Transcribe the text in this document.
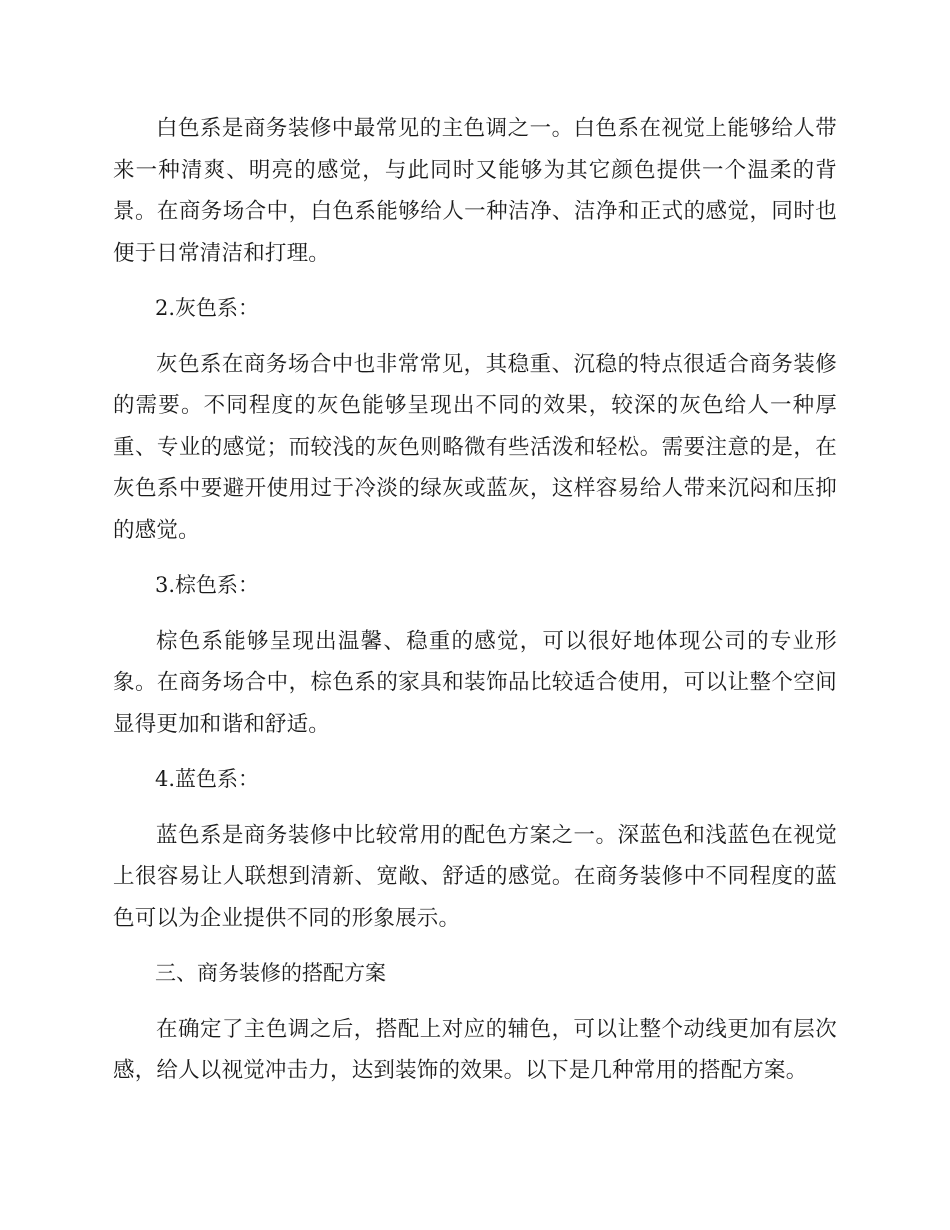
白色系是商务装修中最常见的主色调之一。白色系在视觉上能够给人带来一种清爽、明亮的感觉，与此同时又能够为其它颜色提供一个温柔的背景。在商务场合中，白色系能够给人一种洁净、洁净和正式的感觉，同时也便于日常清洁和打理。

2.灰色系：

灰色系在商务场合中也非常常见，其稳重、沉稳的特点很适合商务装修的需要。不同程度的灰色能够呈现出不同的效果，较深的灰色给人一种厚重、专业的感觉；而较浅的灰色则略微有些活泼和轻松。需要注意的是，在灰色系中要避开使用过于冷淡的绿灰或蓝灰，这样容易给人带来沉闷和压抑的感觉。

3.棕色系：

棕色系能够呈现出温馨、稳重的感觉，可以很好地体现公司的专业形象。在商务场合中，棕色系的家具和装饰品比较适合使用，可以让整个空间显得更加和谐和舒适。

4.蓝色系：

蓝色系是商务装修中比较常用的配色方案之一。深蓝色和浅蓝色在视觉上很容易让人联想到清新、宽敞、舒适的感觉。在商务装修中不同程度的蓝色可以为企业提供不同的形象展示。

三、商务装修的搭配方案

在确定了主色调之后，搭配上对应的辅色，可以让整个动线更加有层次感，给人以视觉冲击力，达到装饰的效果。以下是几种常用的搭配方案。
